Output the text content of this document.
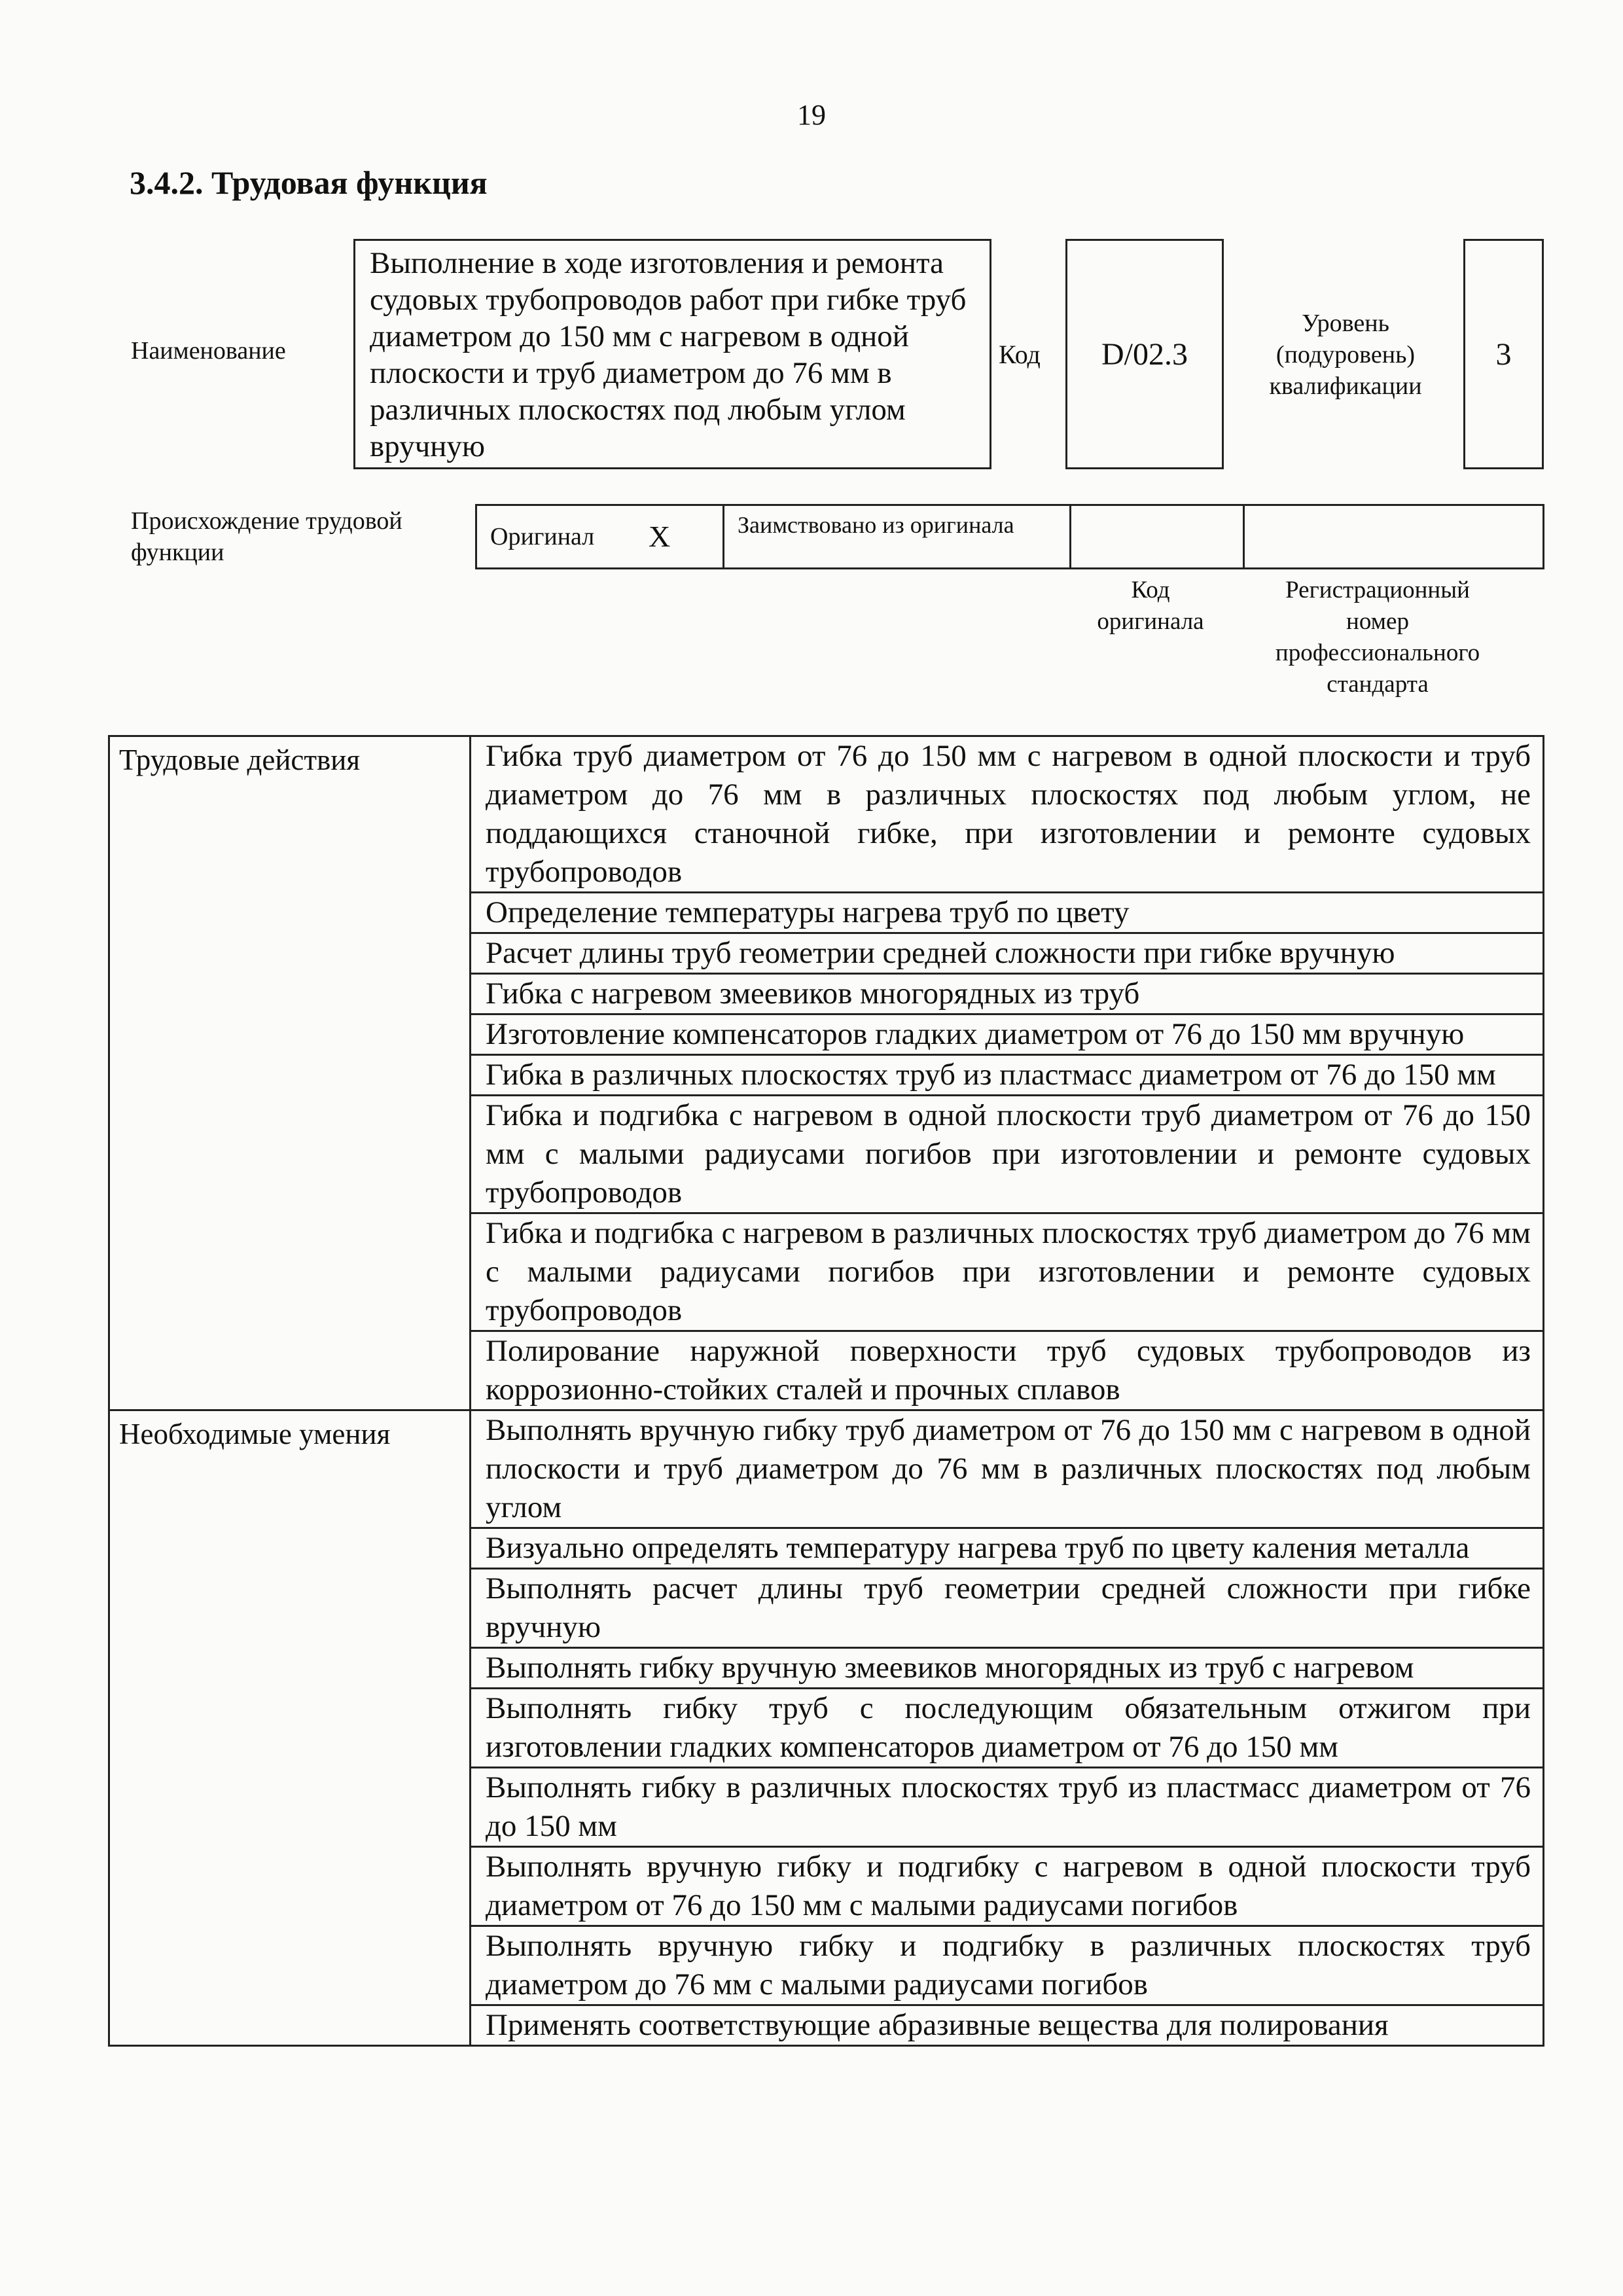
19
3.4.2. Трудовая функция
Наименование
Выполнение в ходе изготовления и ремонта судовых трубопроводов работ при гибке труб диаметром до 150 мм с нагревом в одной плоскости и труб диаметром до 76 мм в различных плоскостях под любым углом вручную
Код D/02.3
Уровень (подуровень) квалификации
3
Происхождение трудовой функции
Оригинал	X	Заимствовано из оригинала
Код оригинала
Регистрационный номер профессионального стандарта
Трудовые действия	Гибка труб диаметром от 76 до 150 мм с нагревом в одной плоскости и труб диаметром до 76 мм в различных плоскостях под любым углом, не поддающихся станочной гибке, при изготовлении и ремонте судовых трубопроводов
	Определение температуры нагрева труб по цвету
	Расчет длины труб геометрии средней сложности при гибке вручную
	Гибка с нагревом змеевиков многорядных из труб
	Изготовление компенсаторов гладких диаметром от 76 до 150 мм вручную
	Гибка в различных плоскостях труб из пластмасс диаметром от 76 до 150 мм
	Гибка и подгибка с нагревом в одной плоскости труб диаметром от 76 до 150 мм с малыми радиусами погибов при изготовлении и ремонте судовых трубопроводов
	Гибка и подгибка с нагревом в различных плоскостях труб диаметром до 76 мм с малыми радиусами погибов при изготовлении и ремонте судовых трубопроводов
	Полирование наружной поверхности труб судовых трубопроводов из коррозионно-стойких сталей и прочных сплавов
Необходимые умения	Выполнять вручную гибку труб диаметром от 76 до 150 мм с нагревом в одной плоскости и труб диаметром до 76 мм в различных плоскостях под любым углом
	Визуально определять температуру нагрева труб по цвету каления металла
	Выполнять расчет длины труб геометрии средней сложности при гибке вручную
	Выполнять гибку вручную змеевиков многорядных из труб с нагревом
	Выполнять гибку труб с последующим обязательным отжигом при изготовлении гладких компенсаторов диаметром от 76 до 150 мм
	Выполнять гибку в различных плоскостях труб из пластмасс диаметром от 76 до 150 мм
	Выполнять вручную гибку и подгибку с нагревом в одной плоскости труб диаметром от 76 до 150 мм с малыми радиусами погибов
	Выполнять вручную гибку и подгибку в различных плоскостях труб диаметром до 76 мм с малыми радиусами погибов
	Применять соответствующие абразивные вещества для полирования
